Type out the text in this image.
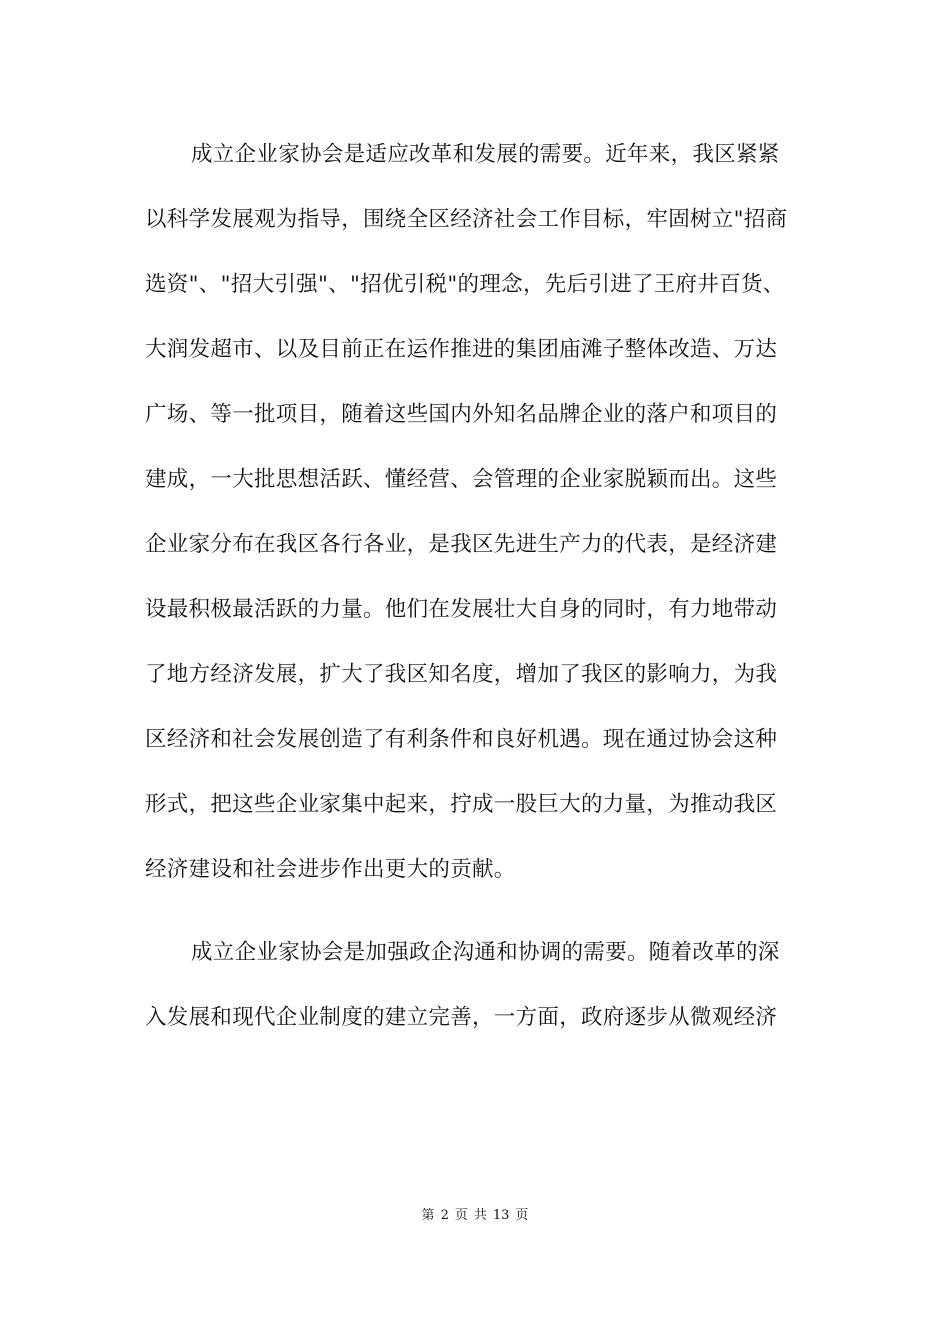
成立企业家协会是适应改革和发展的需要。近年来，我区紧紧
以科学发展观为指导，围绕全区经济社会工作目标，牢固树立"招商
选资"、"招大引强"、"招优引税"的理念，先后引进了王府井百货、
大润发超市、以及目前正在运作推进的集团庙滩子整体改造、万达
广场、等一批项目，随着这些国内外知名品牌企业的落户和项目的
建成，一大批思想活跃、懂经营、会管理的企业家脱颖而出。这些
企业家分布在我区各行各业，是我区先进生产力的代表，是经济建
设最积极最活跃的力量。他们在发展壮大自身的同时，有力地带动
了地方经济发展，扩大了我区知名度，增加了我区的影响力，为我
区经济和社会发展创造了有利条件和良好机遇。现在通过协会这种
形式，把这些企业家集中起来，拧成一股巨大的力量，为推动我区
经济建设和社会进步作出更大的贡献。
成立企业家协会是加强政企沟通和协调的需要。随着改革的深
入发展和现代企业制度的建立完善，一方面，政府逐步从微观经济
第 2 页 共 13 页
